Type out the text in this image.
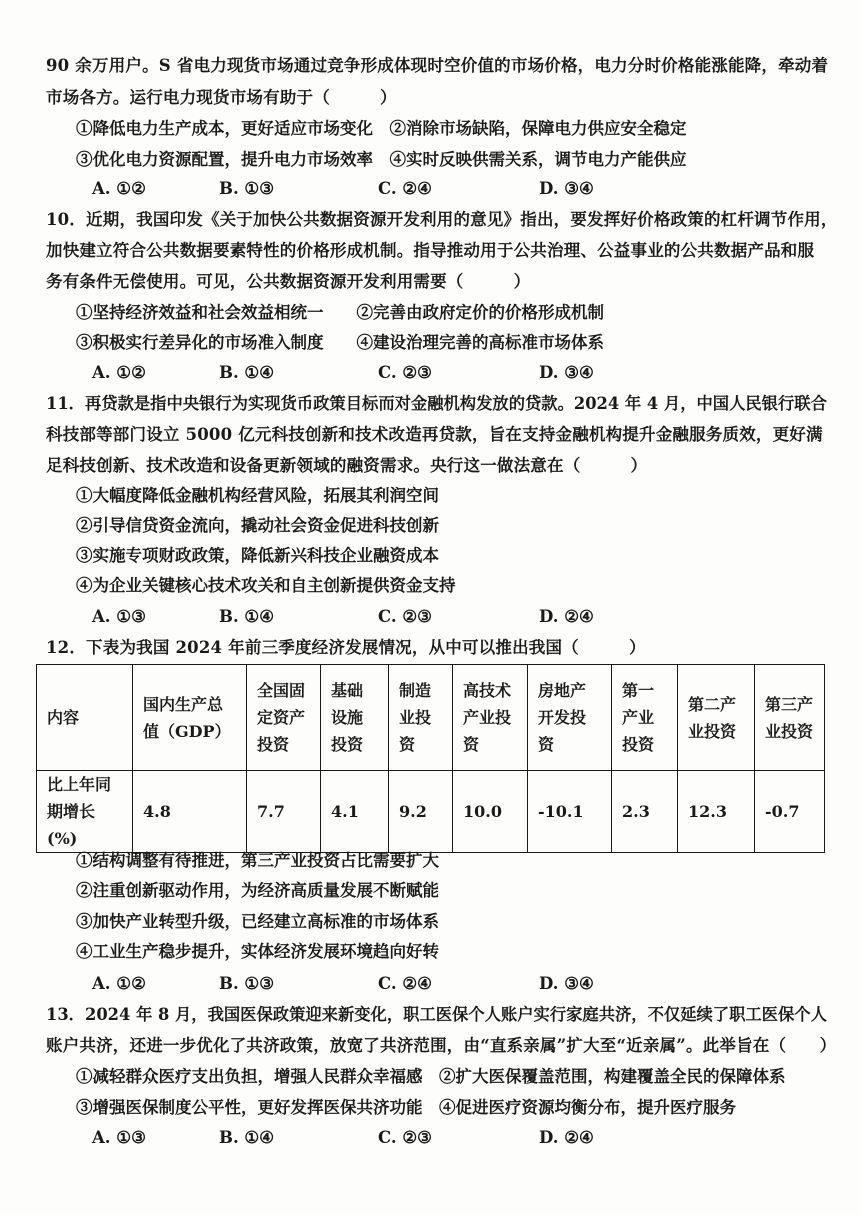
90 余万用户。S 省电力现货市场通过竞争形成体现时空价值的市场价格，电力分时价格能涨能降，牵动着
市场各方。运行电力现货市场有助于（　　　）
①降低电力生产成本，更好适应市场变化　②消除市场缺陷，保障电力供应安全稳定
③优化电力资源配置，提升电力市场效率　④实时反映供需关系，调节电力产能供应
A. ①②	B. ①③	C. ②④	D. ③④
10．近期，我国印发《关于加快公共数据资源开发利用的意见》指出，要发挥好价格政策的杠杆调节作用，
加快建立符合公共数据要素特性的价格形成机制。指导推动用于公共治理、公益事业的公共数据产品和服
务有条件无偿使用。可见，公共数据资源开发利用需要（　　　）
①坚持经济效益和社会效益相统一　　②完善由政府定价的价格形成机制
③积极实行差异化的市场准入制度　　④建设治理完善的高标准市场体系
A. ①②	B. ①④	C. ②③	D. ③④
11．再贷款是指中央银行为实现货币政策目标而对金融机构发放的贷款。2024 年 4 月，中国人民银行联合
科技部等部门设立 5000 亿元科技创新和技术改造再贷款，旨在支持金融机构提升金融服务质效，更好满
足科技创新、技术改造和设备更新领域的融资需求。央行这一做法意在（　　　）
①大幅度降低金融机构经营风险，拓展其利润空间
②引导信贷资金流向，撬动社会资金促进科技创新
③实施专项财政政策，降低新兴科技企业融资成本
④为企业关键核心技术攻关和自主创新提供资金支持
A. ①③	B. ①④	C. ②③	D. ②④
12．下表为我国 2024 年前三季度经济发展情况，从中可以推出我国（　　　）
内容	国内生产总值（GDP）	全国固定资产投资	基础设施投资	制造业投资	高技术产业投资	房地产开发投资	第一产业投资	第二产业投资	第三产业投资
比上年同期增长(%)	4.8	7.7	4.1	9.2	10.0	-10.1	2.3	12.3	-0.7
①结构调整有待推进，第三产业投资占比需要扩大
②注重创新驱动作用，为经济高质量发展不断赋能
③加快产业转型升级，已经建立高标准的市场体系
④工业生产稳步提升，实体经济发展环境趋向好转
A. ①②	B. ①③	C. ②④	D. ③④
13．2024 年 8 月，我国医保政策迎来新变化，职工医保个人账户实行家庭共济，不仅延续了职工医保个人
账户共济，还进一步优化了共济政策，放宽了共济范围，由“直系亲属”扩大至“近亲属”。此举旨在（　　）
①减轻群众医疗支出负担，增强人民群众幸福感　②扩大医保覆盖范围，构建覆盖全民的保障体系
③增强医保制度公平性，更好发挥医保共济功能　④促进医疗资源均衡分布，提升医疗服务
A. ①③	B. ①④	C. ②③	D. ②④
